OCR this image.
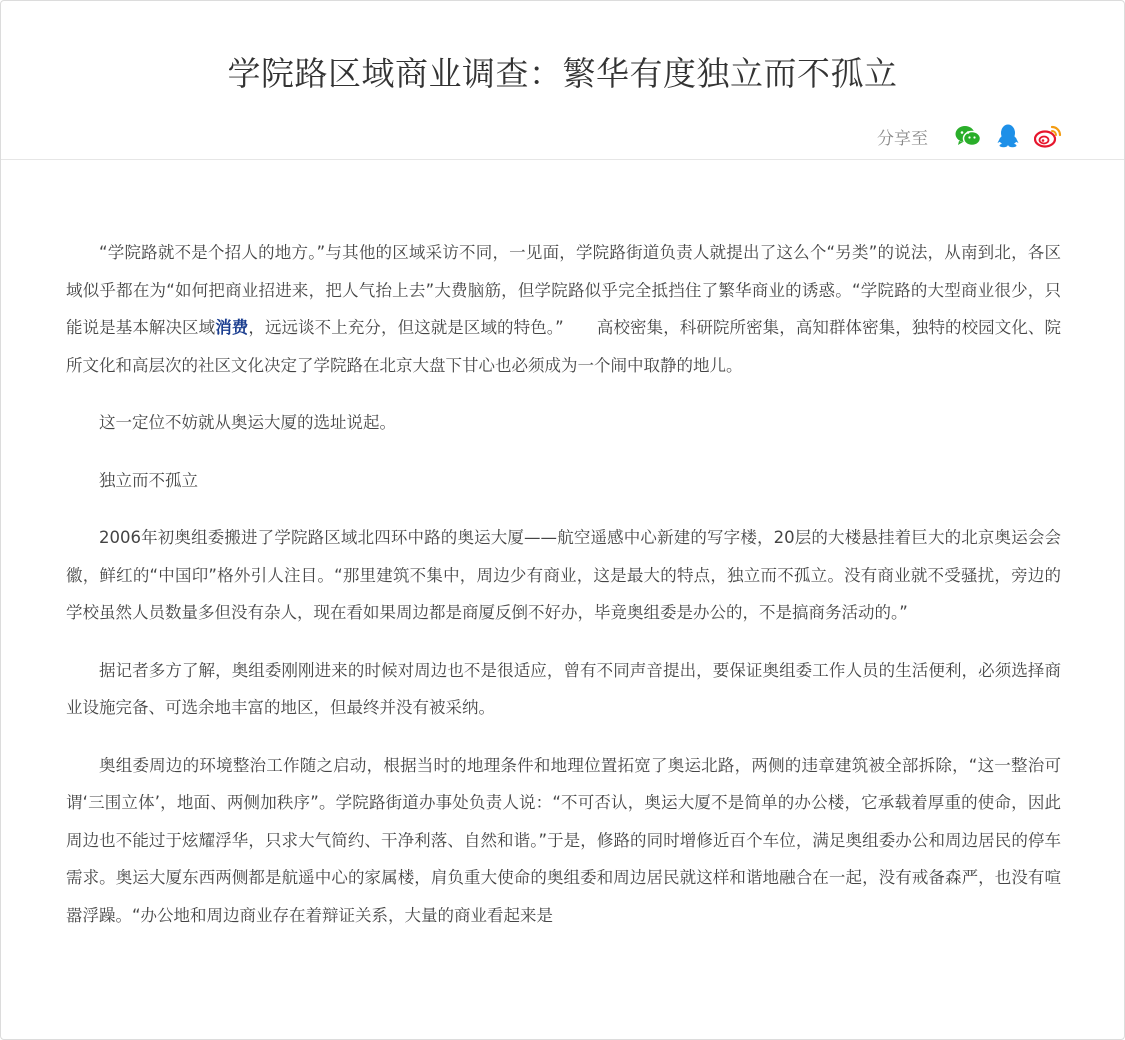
学院路区域商业调查：繁华有度独立而不孤立
分享至

“学院路就不是个招人的地方。”与其他的区域采访不同，一见面，学院路街道负责人就提出了这么个“另类”的说法，从南到北，各区域似乎都在为“如何把商业招进来，把人气抬上去”大费脑筋，但学院路似乎完全抵挡住了繁华商业的诱惑。“学院路的大型商业很少，只能说是基本解决区域消费，远远谈不上充分，但这就是区域的特色。”　　高校密集，科研院所密集，高知群体密集，独特的校园文化、院所文化和高层次的社区文化决定了学院路在北京大盘下甘心也必须成为一个闹中取静的地儿。

这一定位不妨就从奥运大厦的选址说起。

独立而不孤立

2006年初奥组委搬进了学院路区域北四环中路的奥运大厦——航空遥感中心新建的写字楼，20层的大楼悬挂着巨大的北京奥运会会徽，鲜红的“中国印”格外引人注目。“那里建筑不集中，周边少有商业，这是最大的特点，独立而不孤立。没有商业就不受骚扰，旁边的学校虽然人员数量多但没有杂人，现在看如果周边都是商厦反倒不好办，毕竟奥组委是办公的，不是搞商务活动的。”

据记者多方了解，奥组委刚刚进来的时候对周边也不是很适应，曾有不同声音提出，要保证奥组委工作人员的生活便利，必须选择商业设施完备、可选余地丰富的地区，但最终并没有被采纳。

奥组委周边的环境整治工作随之启动，根据当时的地理条件和地理位置拓宽了奥运北路，两侧的违章建筑被全部拆除，“这一整治可谓‘三围立体’，地面、两侧加秩序”。学院路街道办事处负责人说：“不可否认，奥运大厦不是简单的办公楼，它承载着厚重的使命，因此周边也不能过于炫耀浮华，只求大气简约、干净利落、自然和谐。”于是，修路的同时增修近百个车位，满足奥组委办公和周边居民的停车需求。奥运大厦东西两侧都是航遥中心的家属楼，肩负重大使命的奥组委和周边居民就这样和谐地融合在一起，没有戒备森严，也没有喧嚣浮躁。“办公地和周边商业存在着辩证关系，大量的商业看起来是
